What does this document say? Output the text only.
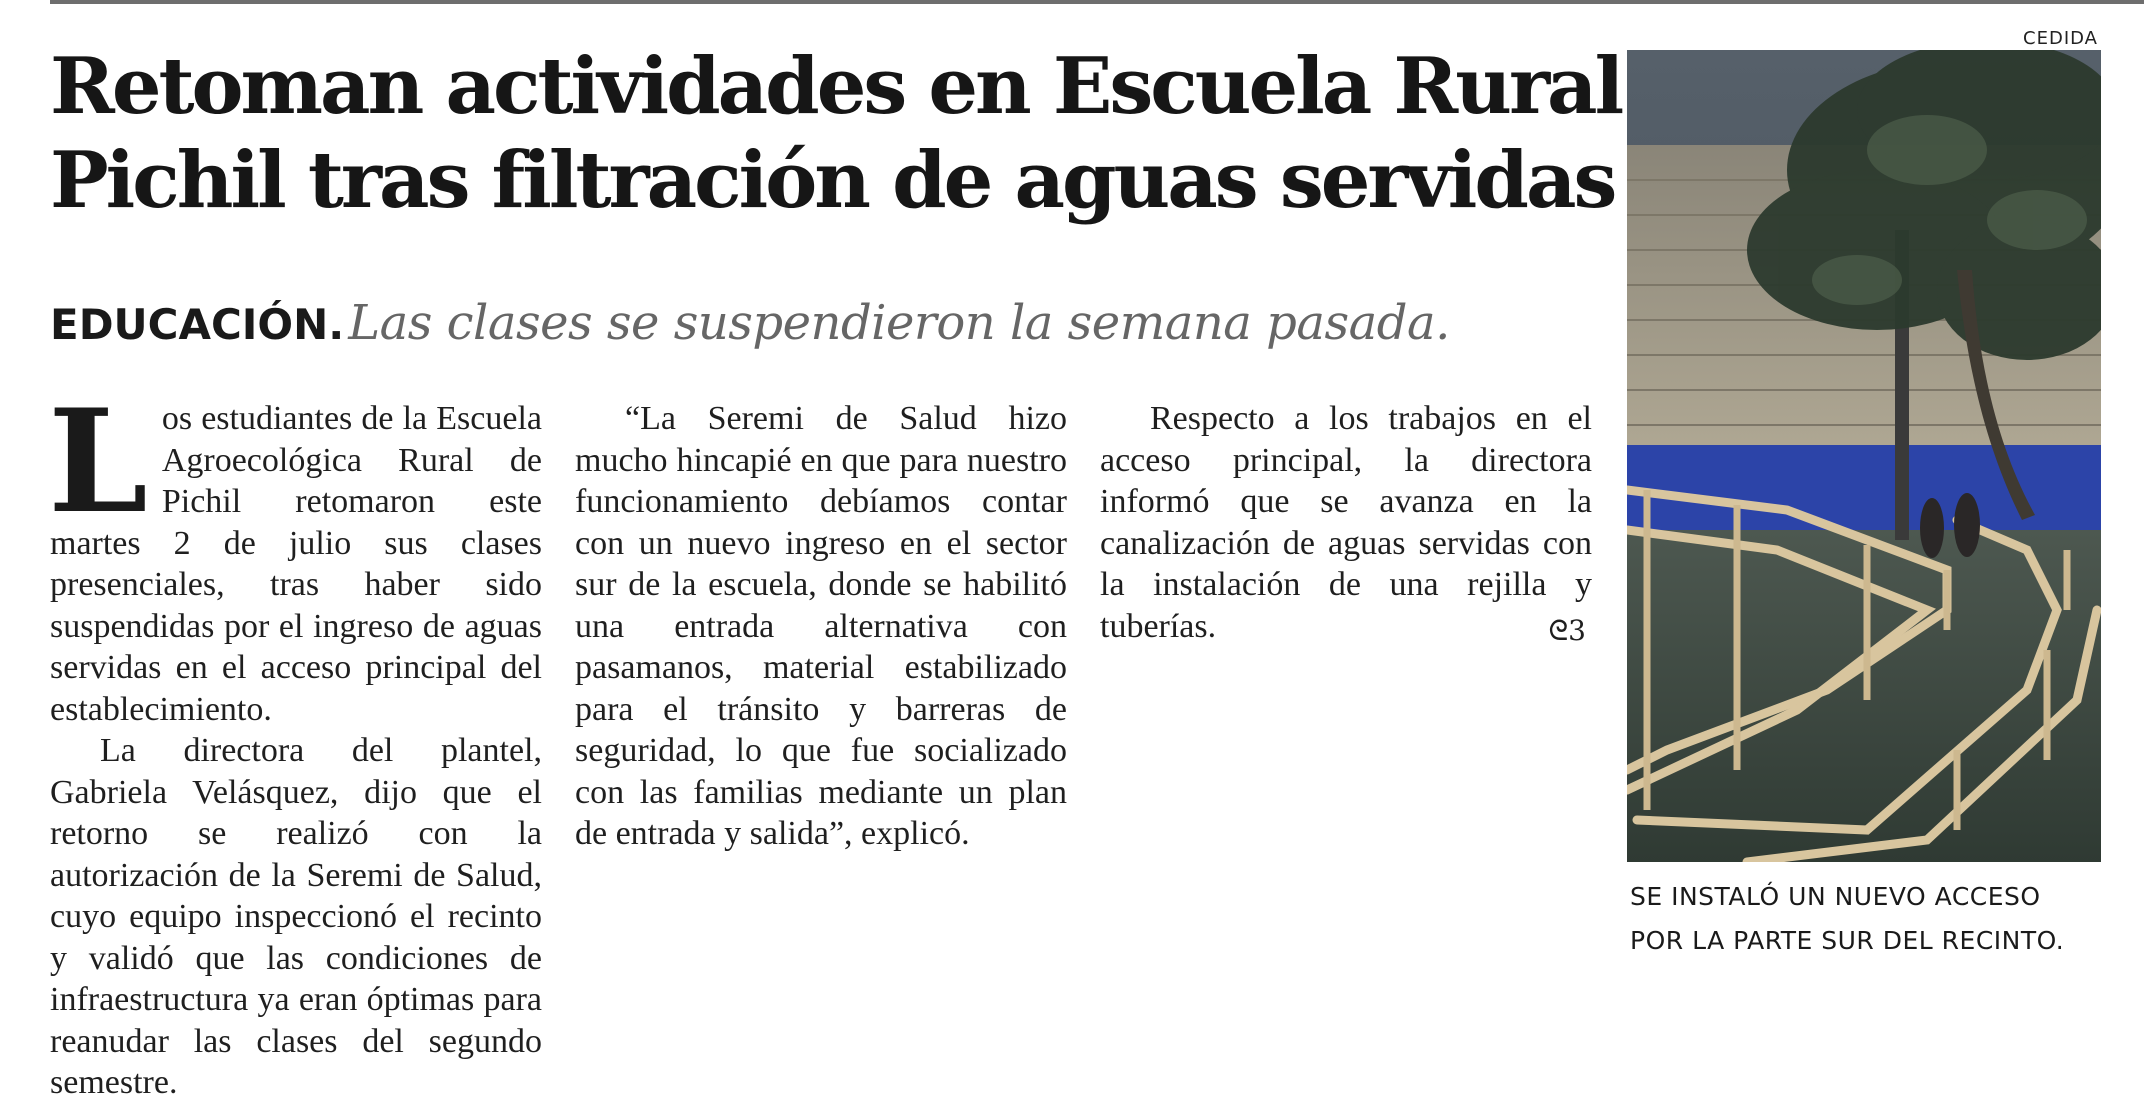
Retoman actividades en Escuela Rural
Pichil tras filtración de aguas servidas
EDUCACIÓN. Las clases se suspendieron la semana pasada.

L os estudiantes de la Escuela Agroecológica Rural de Pichil retomaron este martes 2 de julio sus clases presenciales, tras haber sido suspendidas por el ingreso de aguas servidas en el acceso principal del establecimiento.

La directora del plantel, Gabriela Velásquez, dijo que el retorno se realizó con la autorización de la Seremi de Salud, cuyo equipo inspeccionó el recinto y validó que las condiciones de infraestructura ya eran óptimas para reanudar las clases del segundo semestre.

“La Seremi de Salud hizo mucho hincapié en que para nuestro funcionamiento debíamos contar con un nuevo ingreso en el sector sur de la escuela, donde se habilitó una entrada alternativa con pasamanos, material estabilizado para el tránsito y barreras de seguridad, lo que fue socializado con las familias mediante un plan de entrada y salida”, explicó.

Respecto a los trabajos en el acceso principal, la directora informó que se avanza en la canalización de aguas servidas con la instalación de una rejilla y tuberías.	ᘓ3

CEDIDA
SE INSTALÓ UN NUEVO ACCESO
POR LA PARTE SUR DEL RECINTO.
